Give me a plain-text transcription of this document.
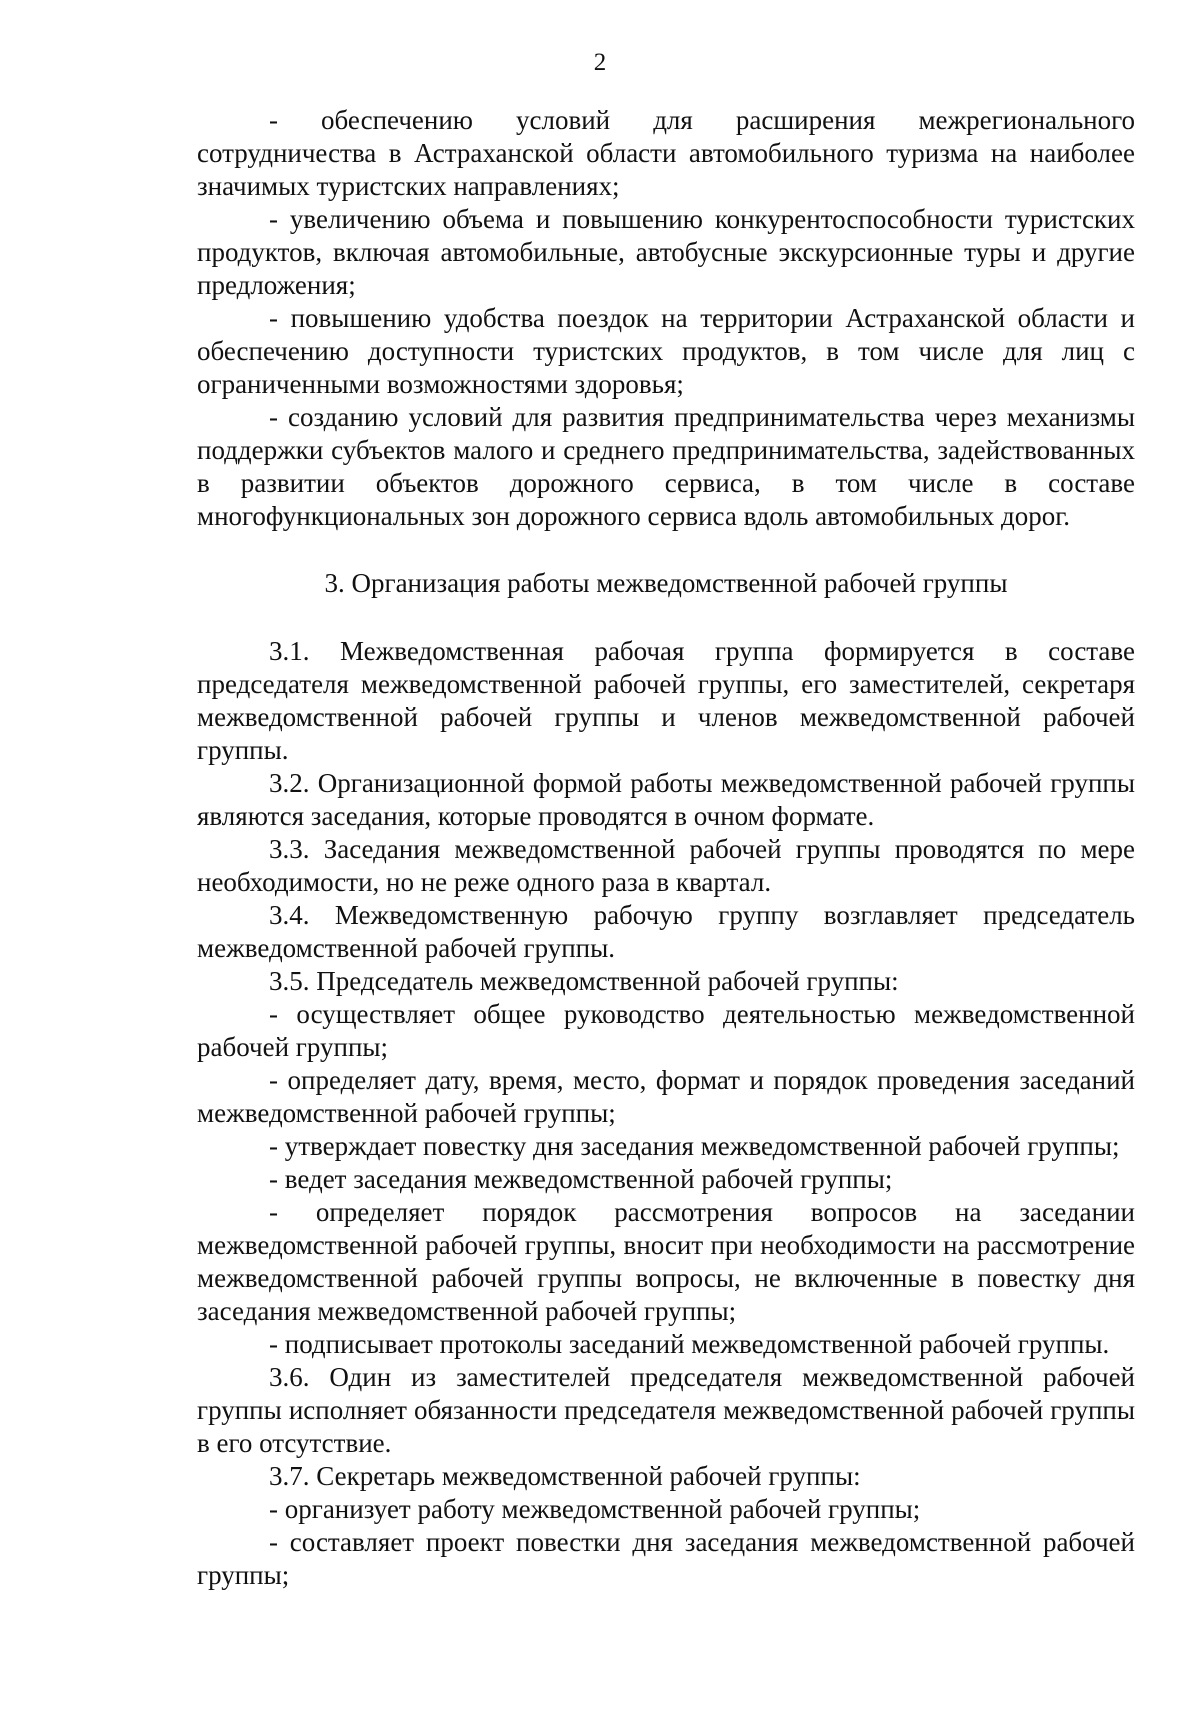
2

- обеспечению условий для расширения межрегионального сотрудничества в Астраханской области автомобильного туризма на наиболее значимых туристских направлениях;

- увеличению объема и повышению конкурентоспособности туристских продуктов, включая автомобильные, автобусные экскурсионные туры и другие предложения;

- повышению удобства поездок на территории Астраханской области и обеспечению доступности туристских продуктов, в том числе для лиц с ограниченными возможностями здоровья;

- созданию условий для развития предпринимательства через механизмы поддержки субъектов малого и среднего предпринимательства, задействованных в развитии объектов дорожного сервиса, в том числе в составе многофункциональных зон дорожного сервиса вдоль автомобильных дорог.

3. Организация работы межведомственной рабочей группы

3.1. Межведомственная рабочая группа формируется в составе председателя межведомственной рабочей группы, его заместителей, секретаря межведомственной рабочей группы и членов межведомственной рабочей группы.

3.2. Организационной формой работы межведомственной рабочей группы являются заседания, которые проводятся в очном формате.

3.3. Заседания межведомственной рабочей группы проводятся по мере необходимости, но не реже одного раза в квартал.

3.4. Межведомственную рабочую группу возглавляет председатель межведомственной рабочей группы.

3.5. Председатель межведомственной рабочей группы:

- осуществляет общее руководство деятельностью межведомственной рабочей группы;

- определяет дату, время, место, формат и порядок проведения заседаний межведомственной рабочей группы;

- утверждает повестку дня заседания межведомственной рабочей группы;

- ведет заседания межведомственной рабочей группы;

- определяет порядок рассмотрения вопросов на заседании межведомственной рабочей группы, вносит при необходимости на рассмотрение межведомственной рабочей группы вопросы, не включенные в повестку дня заседания межведомственной рабочей группы;

- подписывает протоколы заседаний межведомственной рабочей группы.

3.6. Один из заместителей председателя межведомственной рабочей группы исполняет обязанности председателя межведомственной рабочей группы в его отсутствие.

3.7. Секретарь межведомственной рабочей группы:

- организует работу межведомственной рабочей группы;

- составляет проект повестки дня заседания межведомственной рабочей группы;
